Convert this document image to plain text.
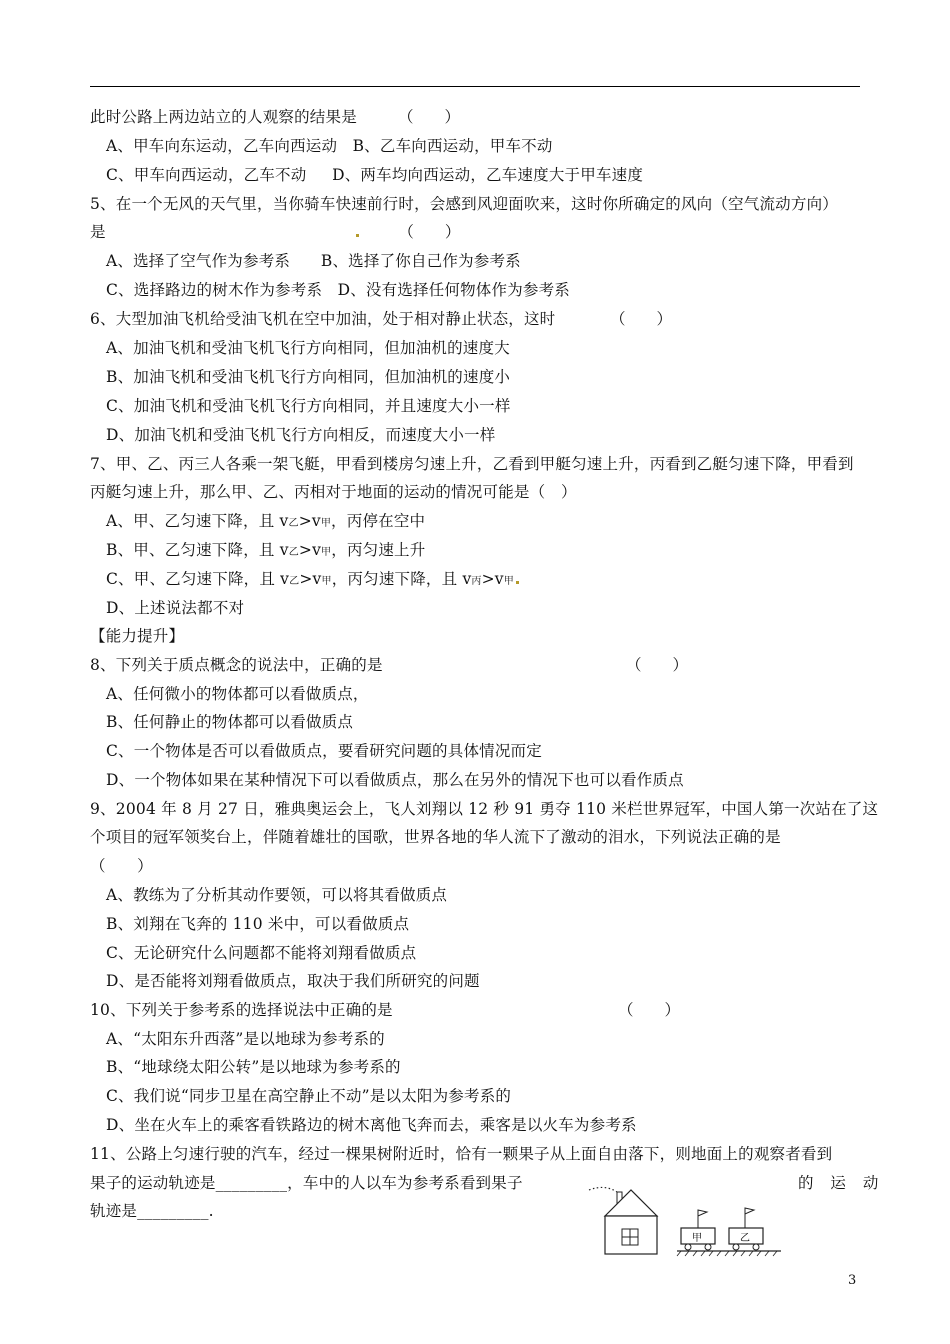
此时公路上两边站立的人观察的结果是	（　　）
A、甲车向东运动，乙车向西运动 B、乙车向西运动，甲车不动
C、甲车向西运动，乙车不动 D、两车均向西运动，乙车速度大于甲车速度
5、在一个无风的天气里，当你骑车快速前行时，会感到风迎面吹来，这时你所确定的风向（空气流动方向）
是	（　　）
A、选择了空气作为参考系 B、选择了你自己作为参考系
C、选择路边的树木作为参考系 D、没有选择任何物体作为参考系
6、大型加油飞机给受油飞机在空中加油，处于相对静止状态，这时	（　　）
A、加油飞机和受油飞机飞行方向相同，但加油机的速度大
B、加油飞机和受油飞机飞行方向相同，但加油机的速度小
C、加油飞机和受油飞机飞行方向相同，并且速度大小一样
D、加油飞机和受油飞机飞行方向相反，而速度大小一样
7、甲、乙、丙三人各乘一架飞艇，甲看到楼房匀速上升，乙看到甲艇匀速上升，丙看到乙艇匀速下降，甲看到
丙艇匀速上升，那么甲、乙、丙相对于地面的运动的情况可能是（　）
A、甲、乙匀速下降，且 v乙>v甲，丙停在空中
B、甲、乙匀速下降，且 v乙>v甲，丙匀速上升
C、甲、乙匀速下降，且 v乙>v甲，丙匀速下降，且 v丙>v甲
D、上述说法都不对
【能力提升】
8、下列关于质点概念的说法中，正确的是	（　　）
A、任何微小的物体都可以看做质点，
B、任何静止的物体都可以看做质点
C、一个物体是否可以看做质点，要看研究问题的具体情况而定
D、一个物体如果在某种情况下可以看做质点，那么在另外的情况下也可以看作质点
9、2004 年 8 月 27 日，雅典奥运会上，飞人刘翔以 12 秒 91 勇夺 110 米栏世界冠军，中国人第一次站在了这
个项目的冠军领奖台上，伴随着雄壮的国歌，世界各地的华人流下了激动的泪水，下列说法正确的是
（　　）
A、教练为了分析其动作要领，可以将其看做质点
B、刘翔在飞奔的 110 米中，可以看做质点
C、无论研究什么问题都不能将刘翔看做质点
D、是否能将刘翔看做质点，取决于我们所研究的问题
10、下列关于参考系的选择说法中正确的是	（　　）
A、“太阳东升西落”是以地球为参考系的
B、“地球绕太阳公转”是以地球为参考系的
C、我们说“同步卫星在高空静止不动”是以太阳为参考系的
D、坐在火车上的乘客看铁路边的树木离他飞奔而去，乘客是以火车为参考系
11、公路上匀速行驶的汽车，经过一棵果树附近时，恰有一颗果子从上面自由落下，则地面上的观察者看到
果子的运动轨迹是_________，车中的人以车为参考系看到果子	的 运 动
轨迹是_________.
甲	乙
3
